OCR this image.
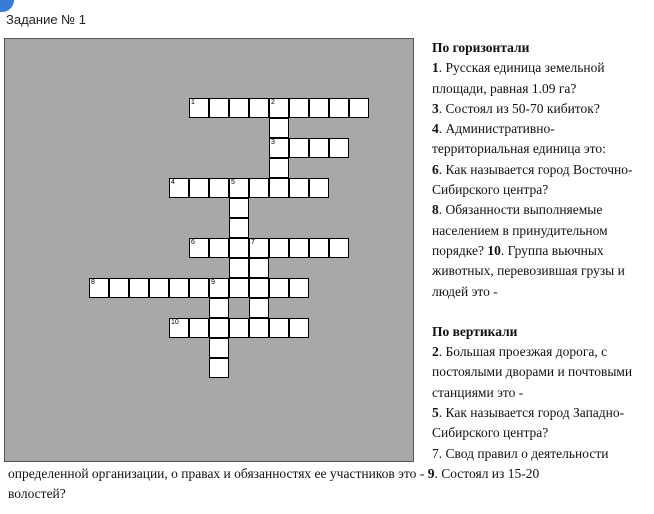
Задание № 1
1	2
3
4	5
6	7
8	9
10

По горизонтали

1. Русская единица земельной площади, равная 1.09 га?

3. Состоял из 50-70 кибиток?

4. Административно-территориальная единица это:

6. Как называется город Восточно-Сибирского центра?

8. Обязанности выполняемые населением в принудительном порядке? 10. Группа вьючных животных, перевозившая грузы и людей это -

По вертикали

2. Большая проезжая дорога, с постоялыми дворами и почтовыми станциями это -

5. Как называется город Западно-Сибирского центра?

7. Свод правил о деятельности

определенной организации, о правах и обязанностях ее участников это - 9. Состоял из 15-20
волостей?
